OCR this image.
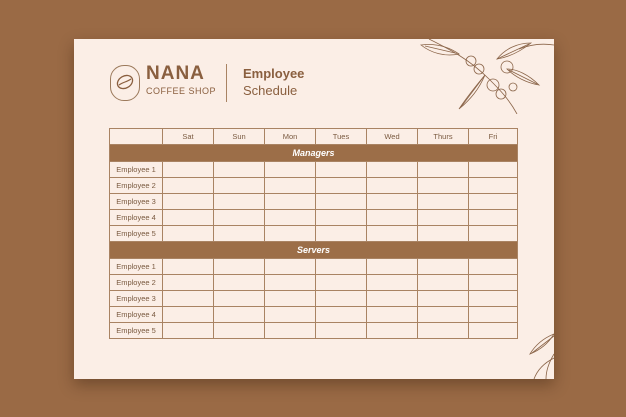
NANA
COFFEE SHOP
Employee
Schedule
	Sat	Sun	Mon	Tues	Wed	Thurs	Fri
Managers							
Employee 1							
Employee 2							
Employee 3							
Employee 4							
Employee 5							
Servers							
Employee 1							
Employee 2							
Employee 3							
Employee 4							
Employee 5							
